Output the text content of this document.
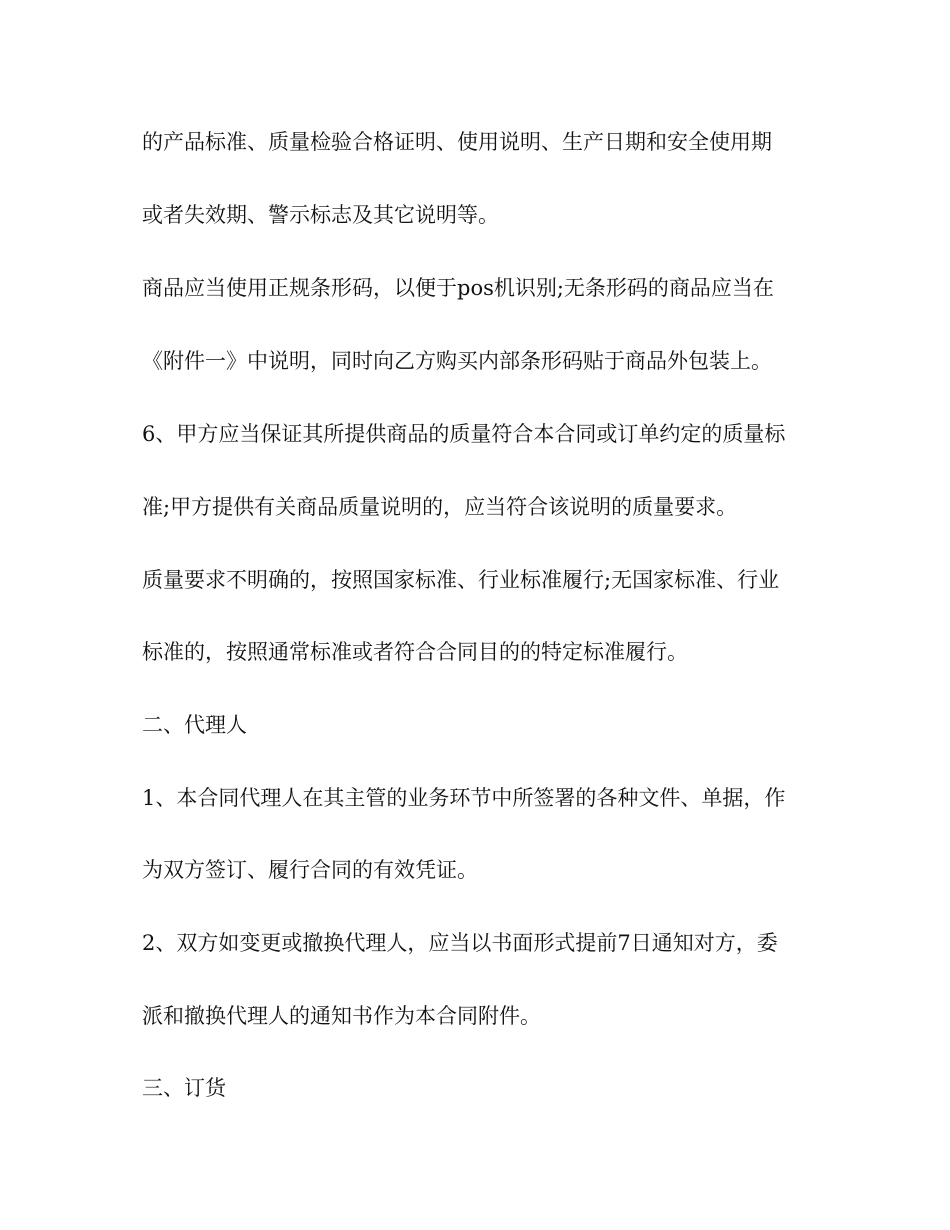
的产品标准、质量检验合格证明、使用说明、生产日期和安全使用期
或者失效期、警示标志及其它说明等。
商品应当使用正规条形码，以便于pos机识别;无条形码的商品应当在
《附件一》中说明，同时向乙方购买内部条形码贴于商品外包装上。
6、甲方应当保证其所提供商品的质量符合本合同或订单约定的质量标
准;甲方提供有关商品质量说明的，应当符合该说明的质量要求。
质量要求不明确的，按照国家标准、行业标准履行;无国家标准、行业
标准的，按照通常标准或者符合合同目的的特定标准履行。
二、代理人
1、本合同代理人在其主管的业务环节中所签署的各种文件、单据，作
为双方签订、履行合同的有效凭证。
2、双方如变更或撤换代理人，应当以书面形式提前7日通知对方，委
派和撤换代理人的通知书作为本合同附件。
三、订货
